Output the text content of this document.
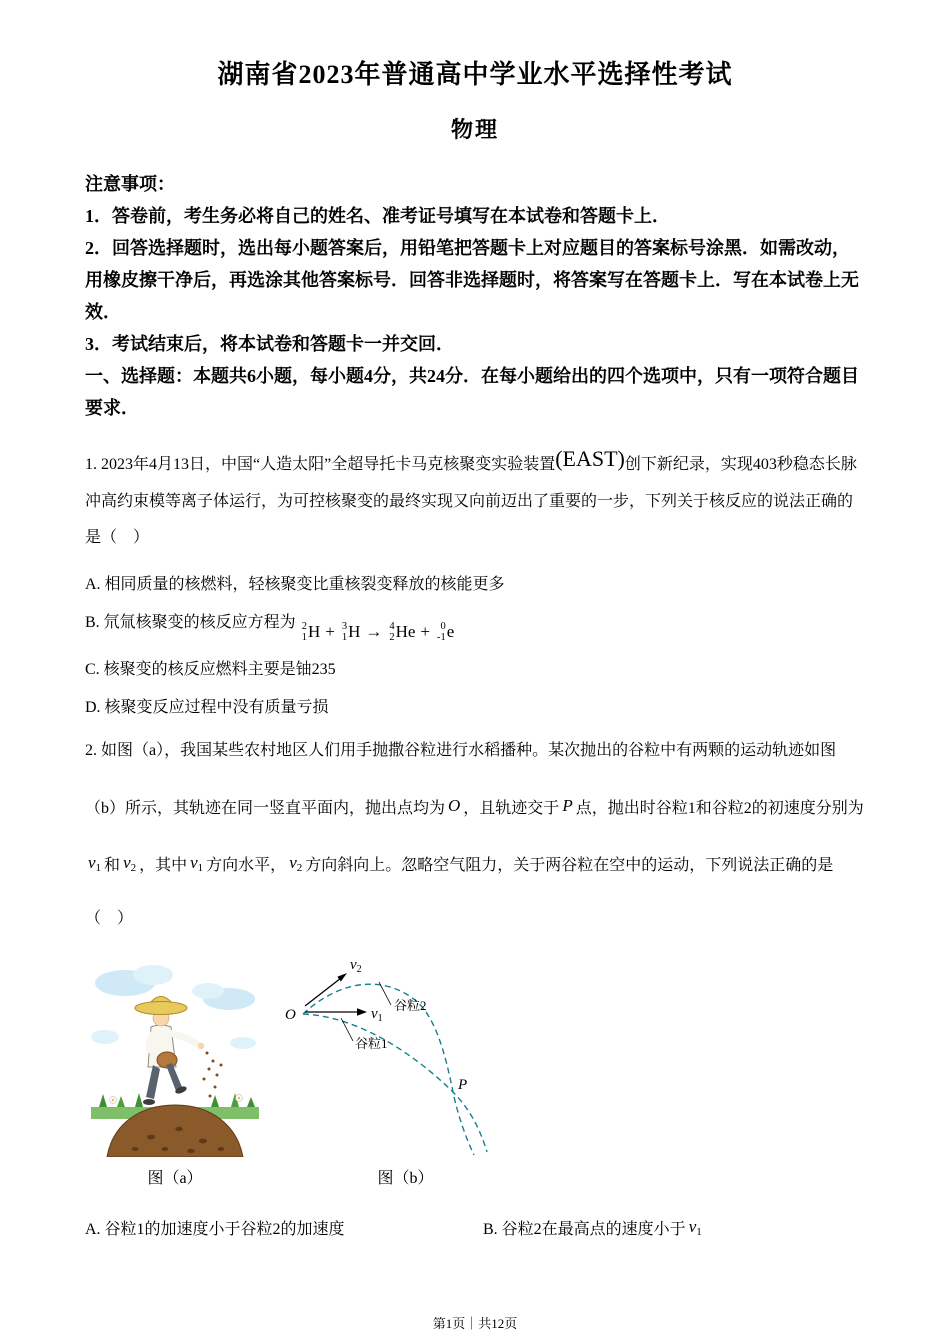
湖南省2023年普通高中学业水平选择性考试
物理

注意事项：

1．答卷前，考生务必将自己的姓名、准考证号填写在本试卷和答题卡上．

2．回答选择题时，选出每小题答案后，用铅笔把答题卡上对应题目的答案标号涂黑．如需改动，用橡皮擦干净后，再选涂其他答案标号．回答非选择题时，将答案写在答题卡上．写在本试卷上无效．

3．考试结束后，将本试卷和答题卡一并交回．

一、选择题：本题共6小题，每小题4分，共24分．在每小题给出的四个选项中，只有一项符合题目要求．

1. 2023年4月13日，中国“人造太阳”全超导托卡马克核聚变实验装置(EAST)创下新纪录，实现403秒稳态长脉冲高约束模等离子体运行，为可控核聚变的最终实现又向前迈出了重要的一步，下列关于核反应的说法正确的是（　）

A. 相同质量的核燃料，轻核聚变比重核裂变释放的核能更多

B. 氘氚核聚变的核反应方程为 2
1 H + 3
1 H → 4
2 He + 0
-1 e

C. 核聚变的核反应燃料主要是铀235

D. 核聚变反应过程中没有质量亏损

2. 如图（a），我国某些农村地区人们用手抛撒谷粒进行水稻播种。某次抛出的谷粒中有两颗的运动轨迹如图（b）所示，其轨迹在同一竖直平面内，抛出点均为 O ，且轨迹交于 P 点，抛出时谷粒1和谷粒2的初速度分别为$v_1$ 和 $v_2$ ，其中 $v_1$ 方向水平， $v_2$ 方向斜向上。忽略空气阻力，关于两谷粒在空中的运动，下列说法正确的是（　）

图（a）
O	v1
v2
谷粒2
谷粒1
P
图（b）
A. 谷粒1的加速度小于谷粒2的加速度	B. 谷粒2在最高点的速度小于 $v_1$
第1页｜共12页
